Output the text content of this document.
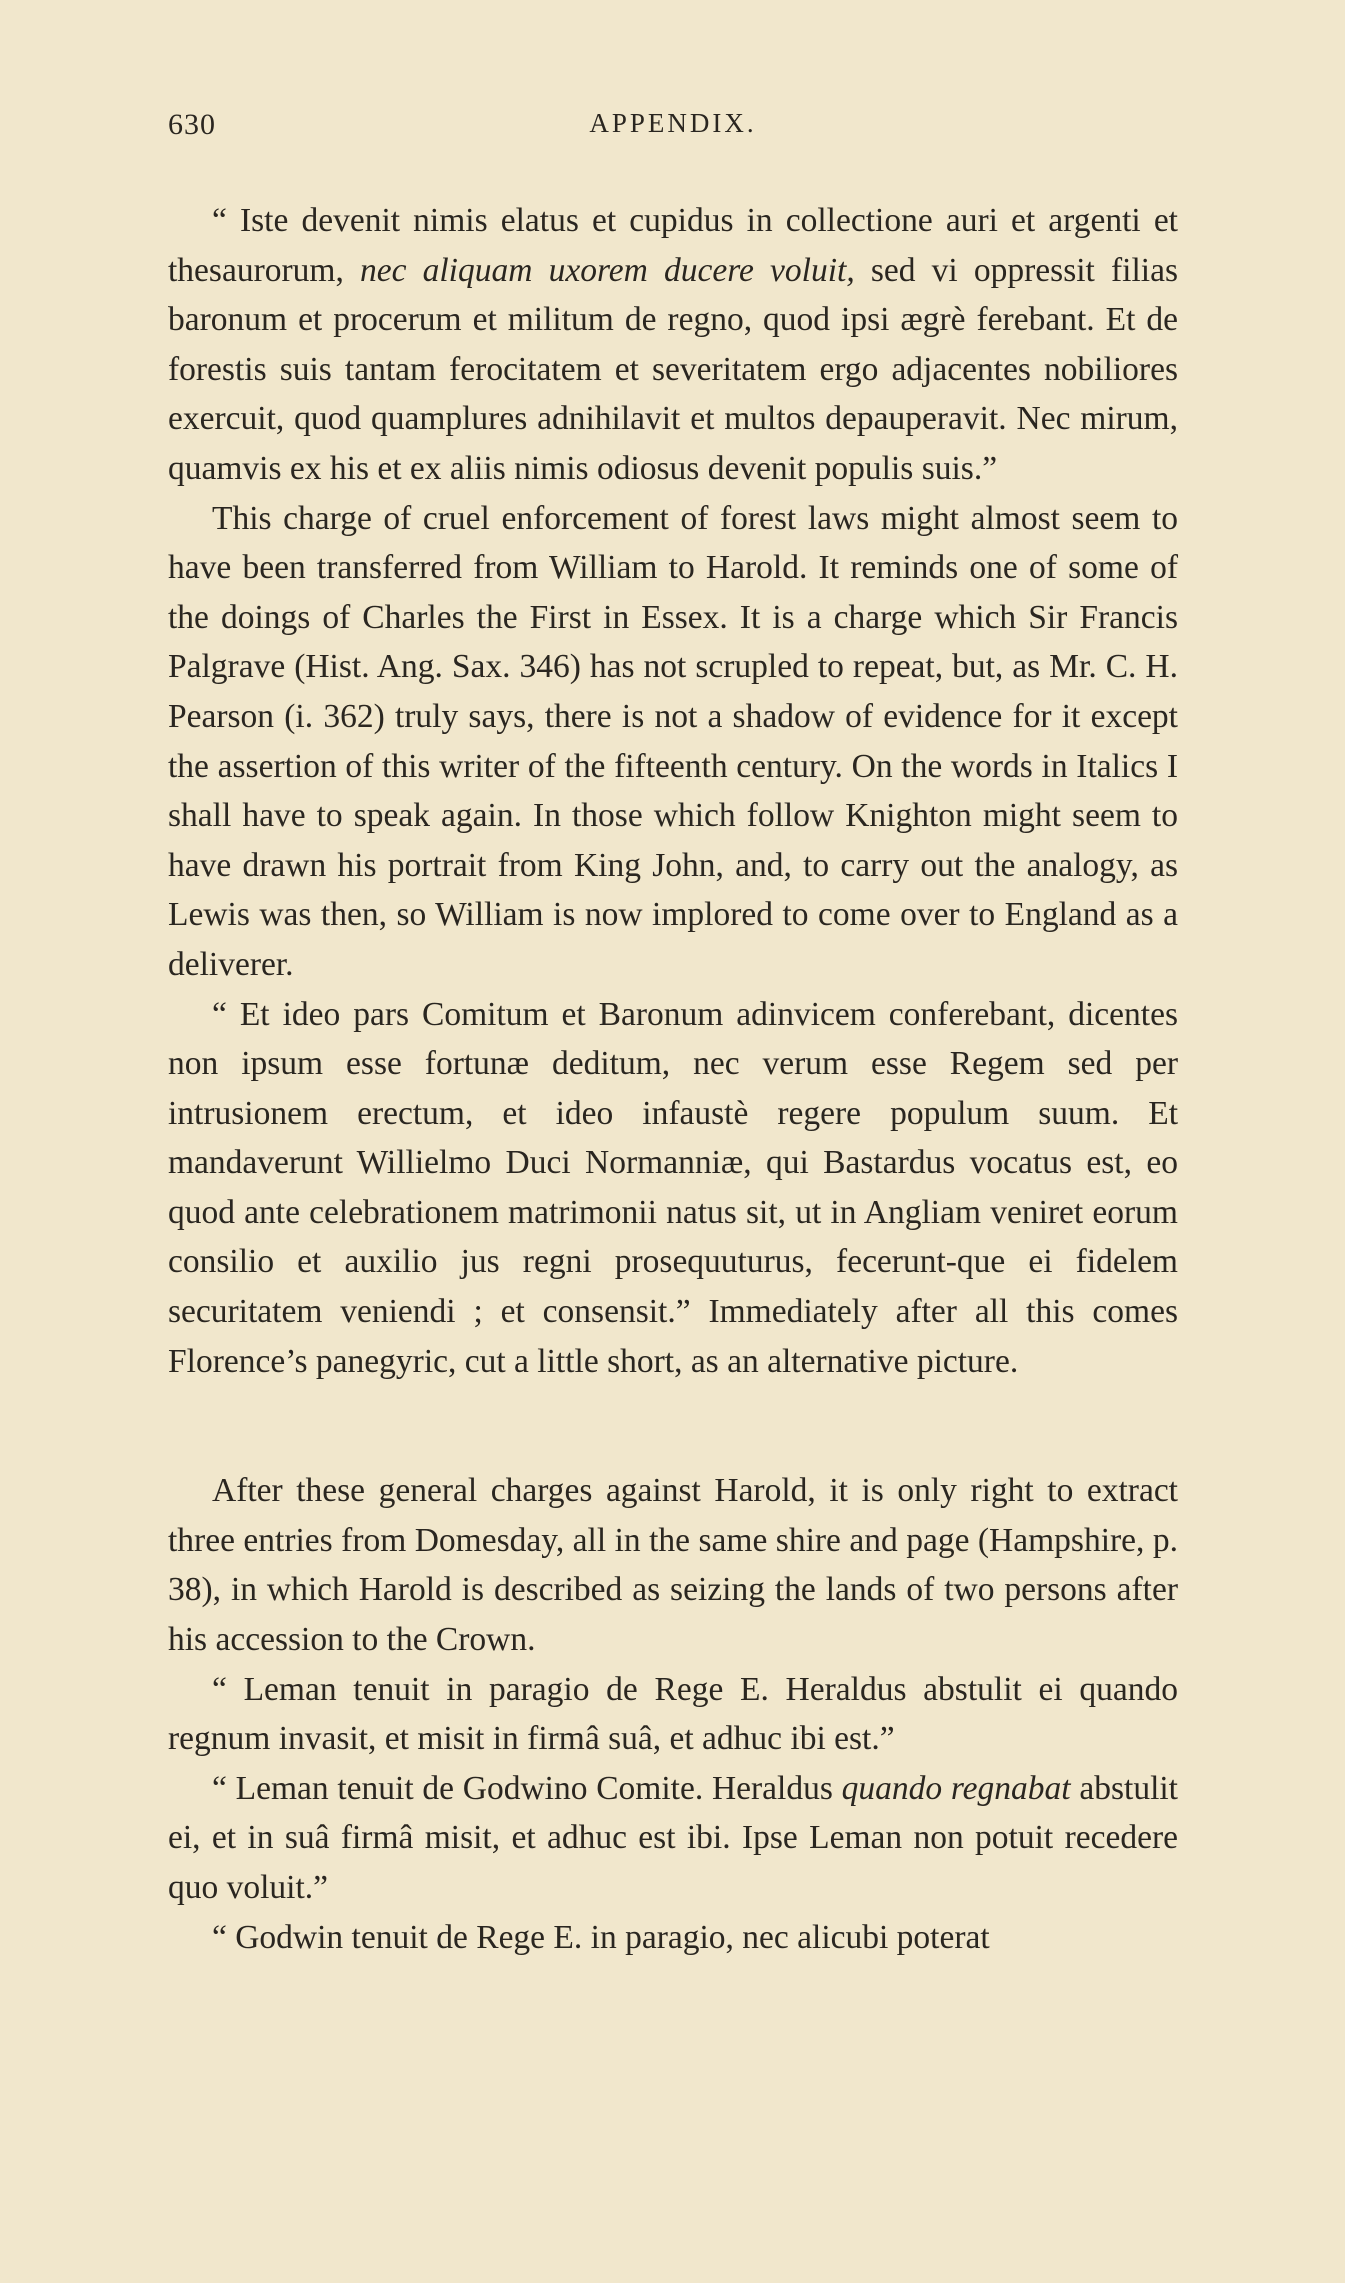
630	APPENDIX.

“ Iste devenit nimis elatus et cupidus in collectione auri et argenti et thesaurorum, nec aliquam uxorem ducere voluit, sed vi oppressit filias baronum et procerum et militum de regno, quod ipsi ægrè ferebant. Et de forestis suis tantam ferocitatem et severitatem ergo adjacentes nobiliores exercuit, quod quamplures adnihilavit et multos depauperavit. Nec mirum, quamvis ex his et ex aliis nimis odiosus devenit populis suis.”

This charge of cruel enforcement of forest laws might almost seem to have been transferred from William to Harold. It reminds one of some of the doings of Charles the First in Essex. It is a charge which Sir Francis Palgrave (Hist. Ang. Sax. 346) has not scrupled to repeat, but, as Mr. C. H. Pearson (i. 362) truly says, there is not a shadow of evidence for it except the assertion of this writer of the fifteenth century. On the words in Italics I shall have to speak again. In those which follow Knighton might seem to have drawn his portrait from King John, and, to carry out the analogy, as Lewis was then, so William is now implored to come over to England as a deliverer.

“ Et ideo pars Comitum et Baronum adinvicem conferebant, dicentes non ipsum esse fortunæ deditum, nec verum esse Regem sed per intrusionem erectum, et ideo infaustè regere populum suum. Et mandaverunt Willielmo Duci Normanniæ, qui Bastardus vocatus est, eo quod ante celebrationem matrimonii natus sit, ut in Angliam veniret eorum consilio et auxilio jus regni prosequuturus, fecerunt-que ei fidelem securitatem veniendi ; et consensit.” Immediately after all this comes Florence’s panegyric, cut a little short, as an alternative picture.

After these general charges against Harold, it is only right to extract three entries from Domesday, all in the same shire and page (Hampshire, p. 38), in which Harold is described as seizing the lands of two persons after his accession to the Crown.

“ Leman tenuit in paragio de Rege E. Heraldus abstulit ei quando regnum invasit, et misit in firmâ suâ, et adhuc ibi est.”

“ Leman tenuit de Godwino Comite. Heraldus quando regnabat abstulit ei, et in suâ firmâ misit, et adhuc est ibi. Ipse Leman non potuit recedere quo voluit.”

“ Godwin tenuit de Rege E. in paragio, nec alicubi poterat
